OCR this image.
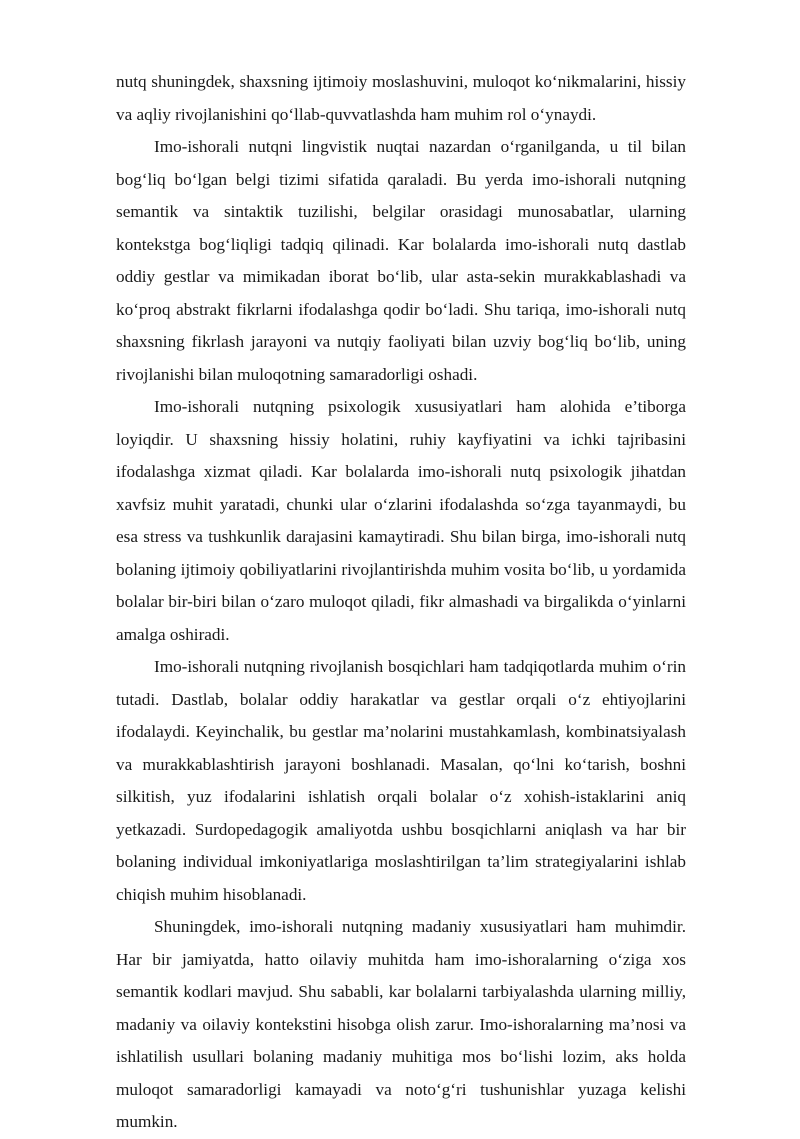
nutq shuningdek, shaxsning ijtimoiy moslashuvini, muloqot ko‘nikmalarini, hissiy va aqliy rivojlanishini qo‘llab-quvvatlashda ham muhim rol o‘ynaydi.

Imo-ishorali nutqni lingvistik nuqtai nazardan o‘rganilganda, u til bilan bog‘liq bo‘lgan belgi tizimi sifatida qaraladi. Bu yerda imo-ishorali nutqning semantik va sintaktik tuzilishi, belgilar orasidagi munosabatlar, ularning kontekstga bog‘liqligi tadqiq qilinadi. Kar bolalarda imo-ishorali nutq dastlab oddiy gestlar va mimikadan iborat bo‘lib, ular asta-sekin murakkablashadi va ko‘proq abstrakt fikrlarni ifodalashga qodir bo‘ladi. Shu tariqa, imo-ishorali nutq shaxsning fikrlash jarayoni va nutqiy faoliyati bilan uzviy bog‘liq bo‘lib, uning rivojlanishi bilan muloqotning samaradorligi oshadi.

Imo-ishorali nutqning psixologik xususiyatlari ham alohida e’tiborga loyiqdir. U shaxsning hissiy holatini, ruhiy kayfiyatini va ichki tajribasini ifodalashga xizmat qiladi. Kar bolalarda imo-ishorali nutq psixologik jihatdan xavfsiz muhit yaratadi, chunki ular o‘zlarini ifodalashda so‘zga tayanmaydi, bu esa stress va tushkunlik darajasini kamaytiradi. Shu bilan birga, imo-ishorali nutq bolaning ijtimoiy qobiliyatlarini rivojlantirishda muhim vosita bo‘lib, u yordamida bolalar bir-biri bilan o‘zaro muloqot qiladi, fikr almashadi va birgalikda o‘yinlarni amalga oshiradi.

Imo-ishorali nutqning rivojlanish bosqichlari ham tadqiqotlarda muhim o‘rin tutadi. Dastlab, bolalar oddiy harakatlar va gestlar orqali o‘z ehtiyojlarini ifodalaydi. Keyinchalik, bu gestlar ma’nolarini mustahkamlash, kombinatsiyalash va murakkablashtirish jarayoni boshlanadi. Masalan, qo‘lni ko‘tarish, boshni silkitish, yuz ifodalarini ishlatish orqali bolalar o‘z xohish-istaklarini aniq yetkazadi. Surdopedagogik amaliyotda ushbu bosqichlarni aniqlash va har bir bolaning individual imkoniyatlariga moslashtirilgan ta’lim strategiyalarini ishlab chiqish muhim hisoblanadi.

Shuningdek, imo-ishorali nutqning madaniy xususiyatlari ham muhimdir. Har bir jamiyatda, hatto oilaviy muhitda ham imo-ishoralarning o‘ziga xos semantik kodlari mavjud. Shu sababli, kar bolalarni tarbiyalashda ularning milliy, madaniy va oilaviy kontekstini hisobga olish zarur. Imo-ishoralarning ma’nosi va ishlatilish usullari bolaning madaniy muhitiga mos bo‘lishi lozim, aks holda muloqot samaradorligi kamayadi va noto‘g‘ri tushunishlar yuzaga kelishi mumkin.
